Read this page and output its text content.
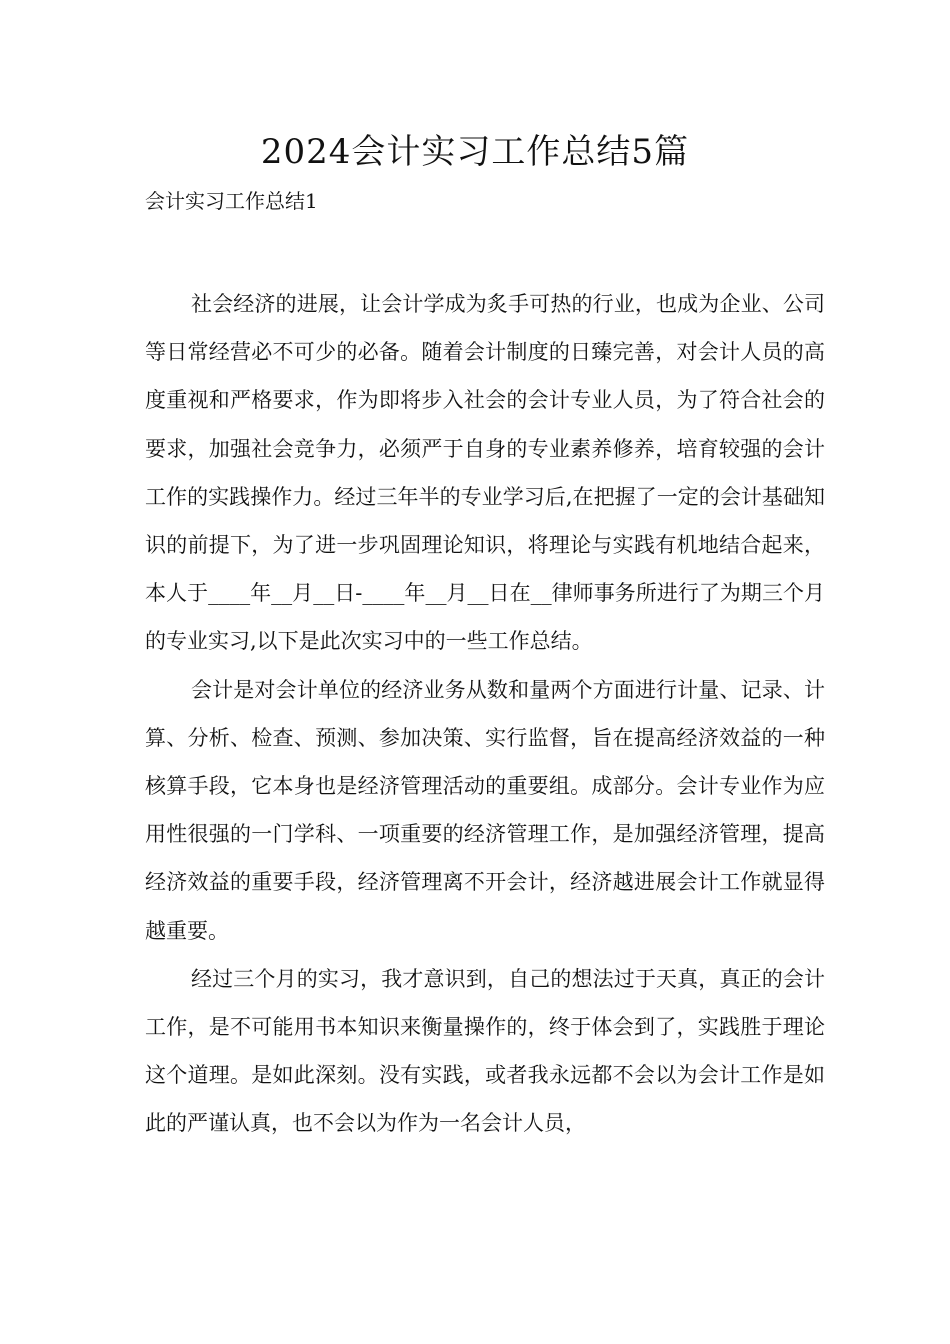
2024会计实习工作总结5篇
会计实习工作总结1

社会经济的进展，让会计学成为炙手可热的行业，也成为企业、公司等日常经营必不可少的必备。随着会计制度的日臻完善，对会计人员的高度重视和严格要求，作为即将步入社会的会计专业人员，为了符合社会的要求，加强社会竞争力，必须严于自身的专业素养修养，培育较强的会计工作的实践操作力。经过三年半的专业学习后,在把握了一定的会计基础知识的前提下，为了进一步巩固理论知识，将理论与实践有机地结合起来，本人于____年__月__日-____年__月__日在__律师事务所进行了为期三个月的专业实习,以下是此次实习中的一些工作总结。

会计是对会计单位的经济业务从数和量两个方面进行计量、记录、计算、分析、检查、预测、参加决策、实行监督，旨在提高经济效益的一种核算手段，它本身也是经济管理活动的重要组。成部分。会计专业作为应用性很强的一门学科、一项重要的经济管理工作，是加强经济管理，提高经济效益的重要手段，经济管理离不开会计，经济越进展会计工作就显得越重要。

经过三个月的实习，我才意识到，自己的想法过于天真，真正的会计工作，是不可能用书本知识来衡量操作的，终于体会到了，实践胜于理论这个道理。是如此深刻。没有实践，或者我永远都不会以为会计工作是如此的严谨认真，也不会以为作为一名会计人员，
